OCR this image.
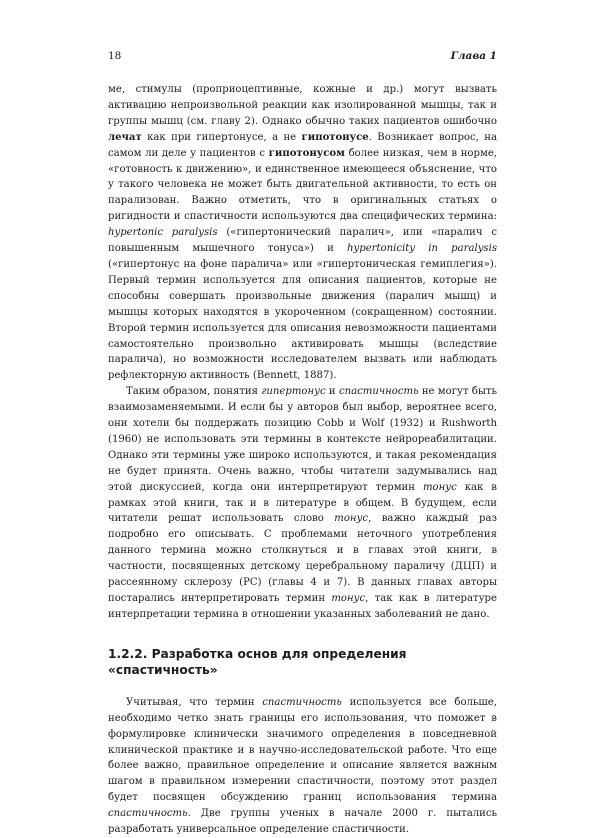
18	Глава 1

ме, стимулы (проприоцептивные, кожные и др.) могут вызвать активацию непроизвольной реакции как изолированной мышцы, так и группы мышц (см. главу 2). Однако обычно таких пациентов ошибочно лечат как при гипертонусе, а не гипотонусе. Возникает вопрос, на самом ли деле у пациентов с гипотонусом более низкая, чем в норме, «готовность к движению», и единственное имеющееся объяснение, что у такого человека не может быть двигательной активности, то есть он парализован. Важно отметить, что в оригинальных статьях о ригидности и спастичности используются два специфических термина: hypertonic paralysis («гипертонический паралич», или «паралич с повышенным мышечного тонуса») и hypertonicity in paralysis («гипертонус на фоне паралича» или «гипертоническая гемиплегия»). Первый термин используется для описания пациентов, которые не способны совершать произвольные движения (паралич мышц) и мышцы которых находятся в укороченном (сокращенном) состоянии. Второй термин используется для описания невозможности пациентами самостоятельно произвольно активировать мышцы (вследствие паралича), но возможности исследователем вызвать или наблюдать рефлекторную активность (Bennett, 1887).

Таким образом, понятия гипертонус и спастичность не могут быть взаимозаменяемыми. И если бы у авторов был выбор, вероятнее всего, они хотели бы поддержать позицию Cobb и Wolf (1932) и Rushworth (1960) не использовать эти термины в контексте нейрореабилитации. Однако эти термины уже широко используются, и такая рекомендация не будет принята. Очень важно, чтобы читатели задумывались над этой дискуссией, когда они интерпретируют термин тонус как в рамках этой книги, так и в литературе в общем. В будущем, если читатели решат использовать слово тонус, важно каждый раз подробно его описывать. С проблемами неточного употребления данного термина можно столкнуться и в главах этой книги, в частности, посвященных детскому церебральному параличу (ДЦП) и рассеянному склерозу (РС) (главы 4 и 7). В данных главах авторы постарались интерпретировать термин тонус, так как в литературе интерпретации термина в отношении указанных заболеваний не дано.

1.2.2. Разработка основ для определения «спастичность»

Учитывая, что термин спастичность используется все больше, необходимо четко знать границы его использования, что поможет в формулировке клинически значимого определения в повседневной клинической практике и в научно-исследовательской работе. Что еще более важно, правильное определение и описание является важным шагом в правильном измерении спастичности, поэтому этот раздел будет посвящен обсуждению границ использования термина спастичность. Две группы ученых в начале 2000 г. пытались разработать универсальное определение спастичности.
